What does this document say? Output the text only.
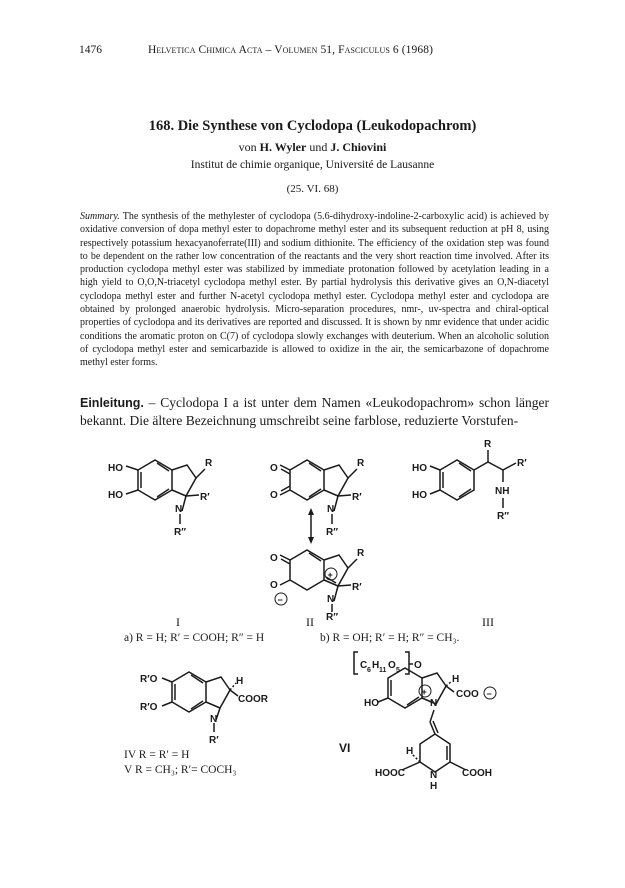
1476	Helvetica Chimica Acta – Volumen 51, Fasciculus 6 (1968)
168. Die Synthese von Cyclodopa (Leukodopachrom)
von H. Wyler und J. Chiovini
Institut de chimie organique, Université de Lausanne
(25. VI. 68)
Summary. The synthesis of the methylester of cyclodopa (5.6-dihydroxy-indoline-2-carboxylic acid) is achieved by oxidative conversion of dopa methyl ester to dopachrome methyl ester and its subsequent reduction at pH 8, using respectively potassium hexacyanoferrate(III) and sodium dithionite. The efficiency of the oxidation step was found to be dependent on the rather low concentration of the reactants and the very short reaction time involved. After its production cyclodopa methyl ester was stabilized by immediate protonation followed by acetylation leading in a high yield to O,O,N-triacetyl cyclodopa methyl ester. By partial hydrolysis this derivative gives an O,N-diacetyl cyclodopa methyl ester and further N-acetyl cyclodopa methyl ester. Cyclodopa methyl ester and cyclodopa are obtained by prolonged anaerobic hydrolysis. Micro-separation procedures, nmr-, uv-spectra and chiral-optical properties of cyclodopa and its derivatives are reported and discussed. It is shown by nmr evidence that under acidic conditions the aromatic proton on C(7) of cyclodopa slowly exchanges with deuterium. When an alcoholic solution of cyclodopa methyl ester and semicarbazide is allowed to oxidize in the air, the semicarbazone of dopachrome methyl ester forms.
Einleitung. – Cyclodopa I a ist unter dem Namen «Leukodopachrom» schon länger bekannt. Die ältere Bezeichnung umschreibt seine farblose, reduzierte Vorstufen-
HO
HO
R
R′
N
R″
O
O
R
R′
N
R″
R
R′
NH
R″
HO
HO
+
−
O
O
R
R′
N
R″
I	II	III
a) R = H; R′ = COOH; R″ = H	b) R = OH; R′ = H; R″ = CH₃.
R′O
R′O
H
COOR
N
R′
IV R = R′ = H
V R = CH₃; R′= COCH₃
C 6 H 11 O 5 O
+
HO
H
COO −
N
H
N
H
HOOC	COOH
VI
